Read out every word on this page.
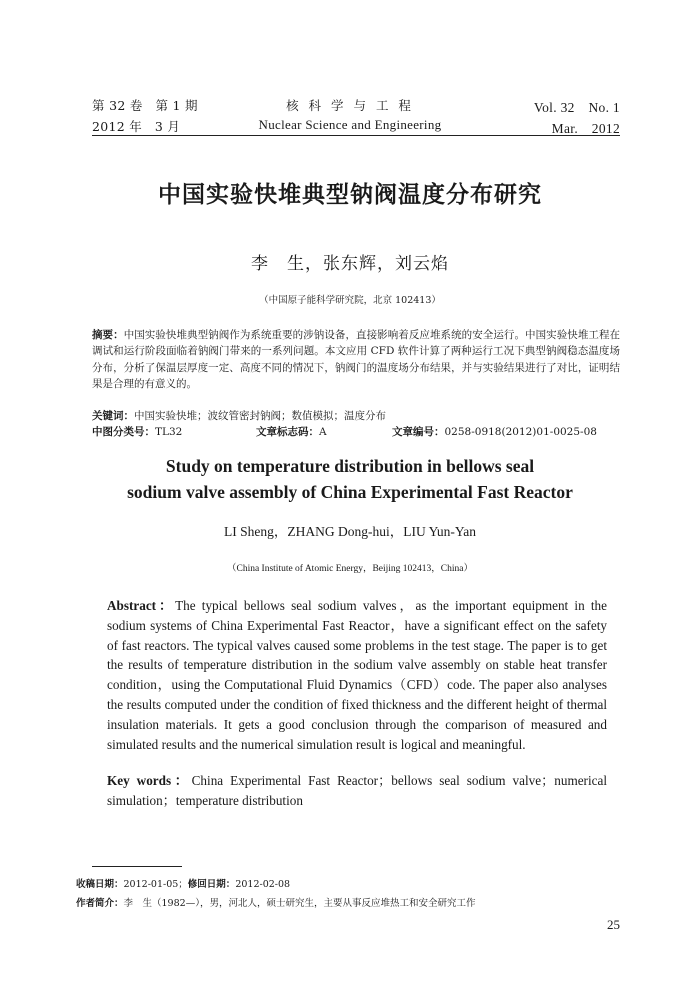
第 32 卷　第 1 期
2012 年　3 月
核 科 学 与 工 程
Nuclear Science and Engineering
Vol. 32　No. 1
Mar.　2012
中国实验快堆典型钠阀温度分布研究
李　生，张东辉，刘云焰
（中国原子能科学研究院，北京 102413）
摘要：中国实验快堆典型钠阀作为系统重要的涉钠设备，直接影响着反应堆系统的安全运行。中国实验快堆工程在调试和运行阶段面临着钠阀门带来的一系列问题。本文应用 CFD 软件计算了两种运行工况下典型钠阀稳态温度场分布，分析了保温层厚度一定、高度不同的情况下，钠阀门的温度场分布结果，并与实验结果进行了对比，证明结果是合理的有意义的。
关键词：中国实验快堆；波纹管密封钠阀；数值模拟；温度分布
中图分类号：TL32	文章标志码：A	文章编号：0258-0918(2012)01-0025-08
Study on temperature distribution in bellows seal
sodium valve assembly of China Experimental Fast Reactor
LI Sheng，ZHANG Dong-hui，LIU Yun-Yan
（China Institute of Atomic Energy，Beijing 102413，China）
Abstract：The typical bellows seal sodium valves，as the important equipment in the sodium systems of China Experimental Fast Reactor，have a significant effect on the safety of fast reactors. The typical valves caused some problems in the test stage. The paper is to get the results of temperature distribution in the sodium valve assembly on stable heat transfer condition，using the Computational Fluid Dynamics（CFD）code. The paper also analyses the results computed under the condition of fixed thickness and the different height of thermal insulation materials. It gets a good conclusion through the comparison of measured and simulated results and the numerical simulation result is logical and meaningful.
Key words：China Experimental Fast Reactor；bellows seal sodium valve；numerical simulation；temperature distribution
收稿日期：2012-01-05；修回日期：2012-02-08
作者简介：李　生（1982—），男，河北人，硕士研究生，主要从事反应堆热工和安全研究工作
25
